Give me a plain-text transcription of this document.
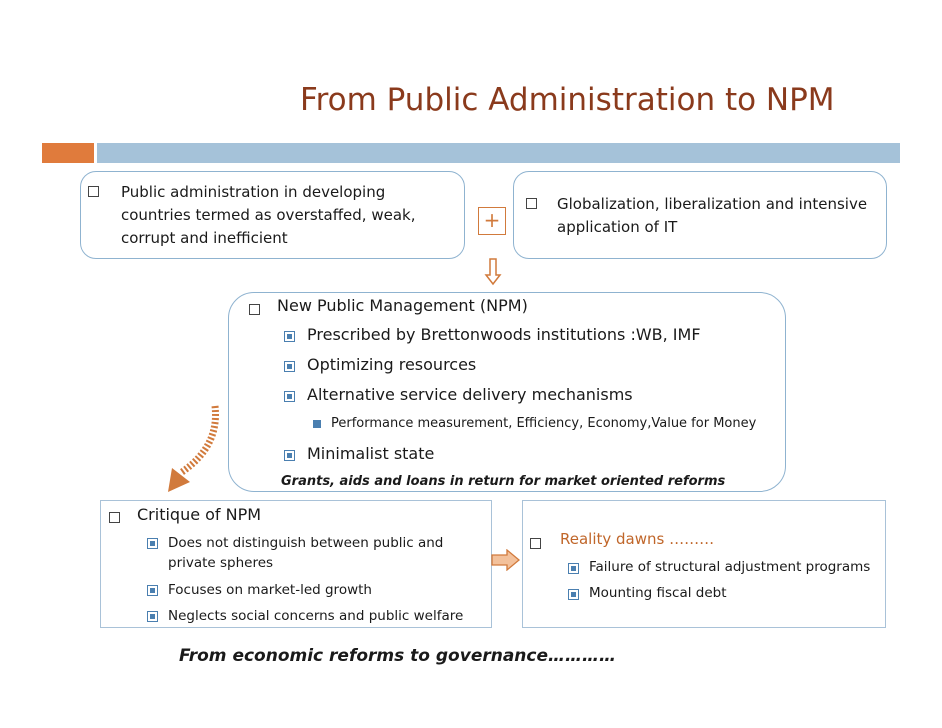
From Public Administration to NPM
Public administration in developing
countries termed as overstaffed, weak,
corrupt and inefficient
+
Globalization, liberalization and intensive
application of IT
New Public Management (NPM)
Prescribed by Brettonwoods institutions :WB, IMF
Optimizing resources
Alternative service delivery mechanisms
Performance measurement, Efficiency, Economy,Value for Money
Minimalist state
Grants, aids and loans in return for market oriented reforms
Critique of NPM
Does not distinguish between public and
private spheres
Focuses on market-led growth
Neglects social concerns and public welfare
Reality dawns ………
Failure of structural adjustment programs
Mounting fiscal debt
From economic reforms to governance…………
